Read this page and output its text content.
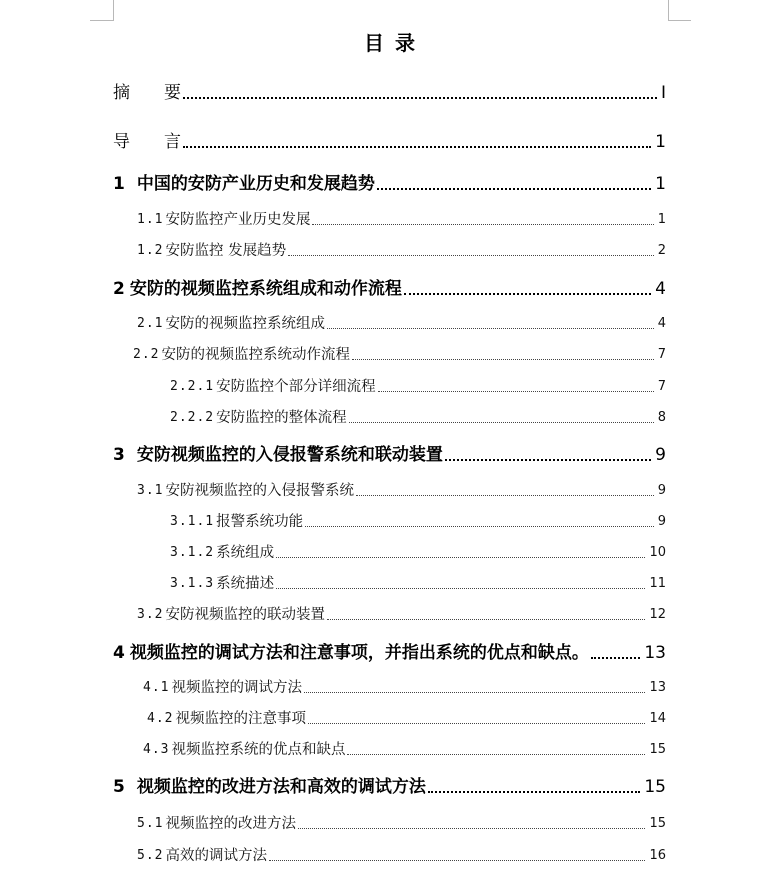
目 录
摘　　要	I
导　　言	1
1 中国的安防产业历史和发展趋势	1
1.1 安防监控产业历史发展	1
1.2 安防监控 发展趋势	2
2 安防的视频监控系统组成和动作流程	4
2.1 安防的视频监控系统组成	4
2.2 安防的视频监控系统动作流程	7
2.2.1 安防监控个部分详细流程	7
2.2.2 安防监控的整体流程	8
3 安防视频监控的入侵报警系统和联动装置	9
3.1 安防视频监控的入侵报警系统	9
3.1.1 报警系统功能	9
3.1.2 系统组成	10
3.1.3 系统描述	11
3.2 安防视频监控的联动装置	12
4 视频监控的调试方法和注意事项，并指出系统的优点和缺点。	13
4.1 视频监控的调试方法	13
4.2 视频监控的注意事项	14
4.3 视频监控系统的优点和缺点	15
5 视频监控的改进方法和高效的调试方法	15
5.1 视频监控的改进方法	15
5.2 高效的调试方法	16
